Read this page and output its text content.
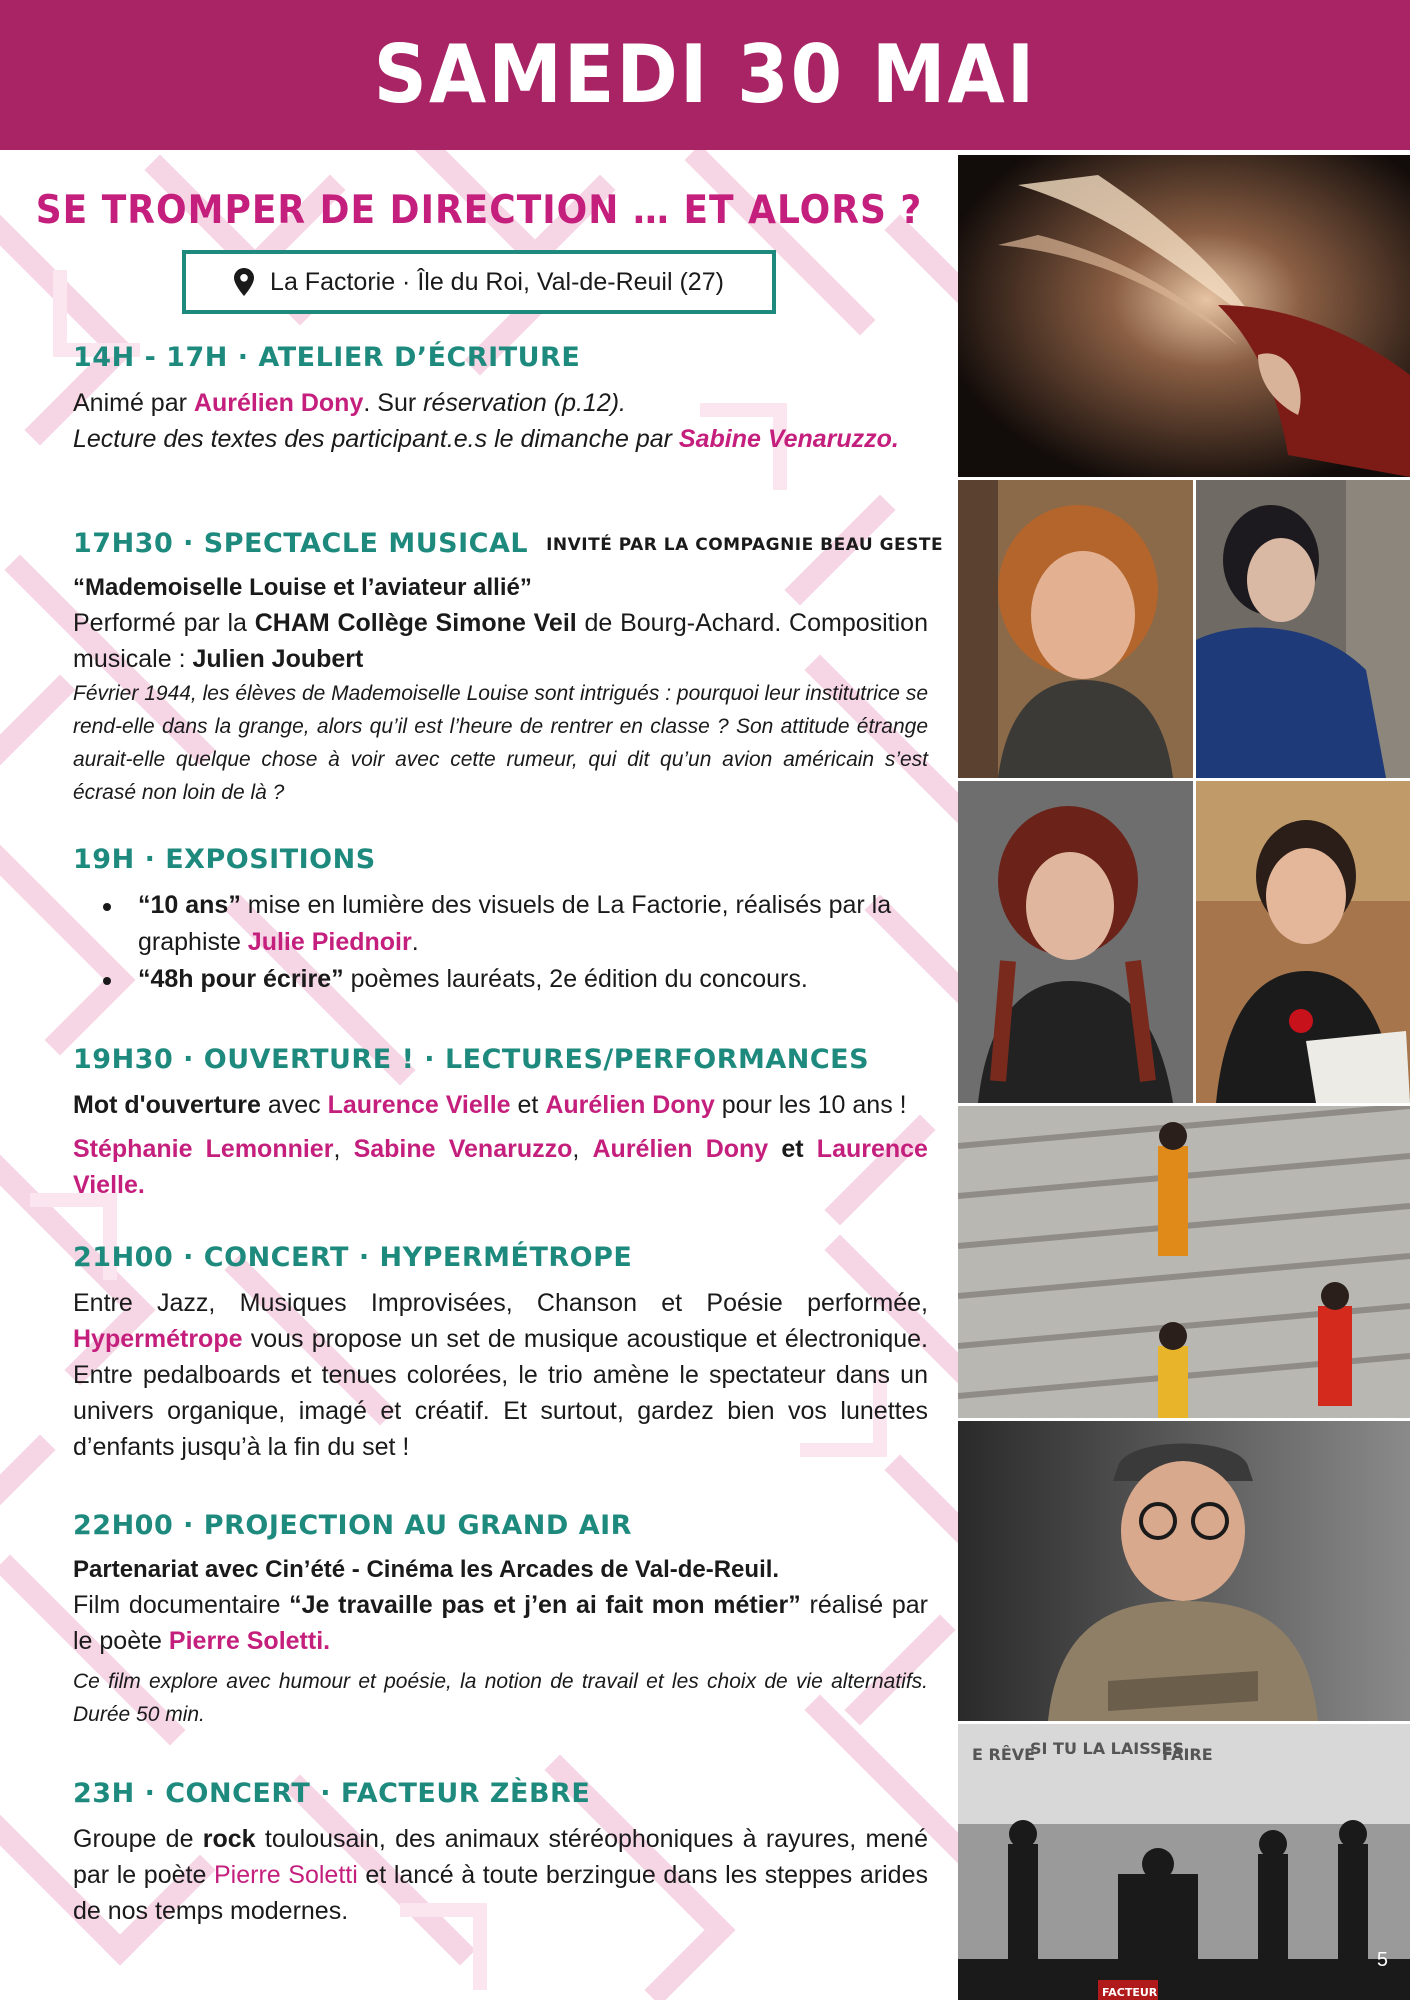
SAMEDI 30 MAI
SE TROMPER DE DIRECTION … ET ALORS ?
La Factorie · Île du Roi, Val-de-Reuil (27)
14H - 17H · ATELIER D’ÉCRITURE

Animé par Aurélien Dony. Sur réservation (p.12).
Lecture des textes des participant.e.s le dimanche par Sabine Venaruzzo.

17H30 · SPECTACLE MUSICAL INVITÉ PAR LA COMPAGNIE BEAU GESTE

“Mademoiselle Louise et l’aviateur allié”

Performé par la CHAM Collège Simone Veil de Bourg-Achard. Composition musicale : Julien Joubert

Février 1944, les élèves de Mademoiselle Louise sont intrigués : pourquoi leur institutrice se rend-elle dans la grange, alors qu’il est l’heure de rentrer en classe ? Son attitude étrange aurait-elle quelque chose à voir avec cette rumeur, qui dit qu’un avion américain s’est écrasé non loin de là ?

19H · EXPOSITIONS
“10 ans” mise en lumière des visuels de La Factorie, réalisés par la graphiste Julie Piednoir.
“48h pour écrire” poèmes lauréats, 2e édition du concours.
19H30 · OUVERTURE ! · LECTURES/PERFORMANCES

Mot d'ouverture avec Laurence Vielle et Aurélien Dony pour les 10 ans !

Stéphanie Lemonnier, Sabine Venaruzzo, Aurélien Dony et Laurence Vielle.

21H00 · CONCERT · HYPERMÉTROPE

Entre Jazz, Musiques Improvisées, Chanson et Poésie performée, Hypermétrope vous propose un set de musique acoustique et électronique. Entre pedalboards et tenues colorées, le trio amène le spectateur dans un univers organique, imagé et créatif. Et surtout, gardez bien vos lunettes d’enfants jusqu’à la fin du set !

22H00 · PROJECTION AU GRAND AIR

Partenariat avec Cin’été - Cinéma les Arcades de Val-de-Reuil.

Film documentaire “Je travaille pas et j’en ai fait mon métier” réalisé par le poète Pierre Soletti.

Ce film explore avec humour et poésie, la notion de travail et les choix de vie alternatifs. Durée 50 min.

23H · CONCERT · FACTEUR ZÈBRE

Groupe de rock toulousain, des animaux stéréophoniques à rayures, mené par le poète Pierre Soletti et lancé à toute berzingue dans les steppes arides de nos temps modernes.

E RÊVE
SI TU LA LAISSES
FAIRE
FACTEUR
5
